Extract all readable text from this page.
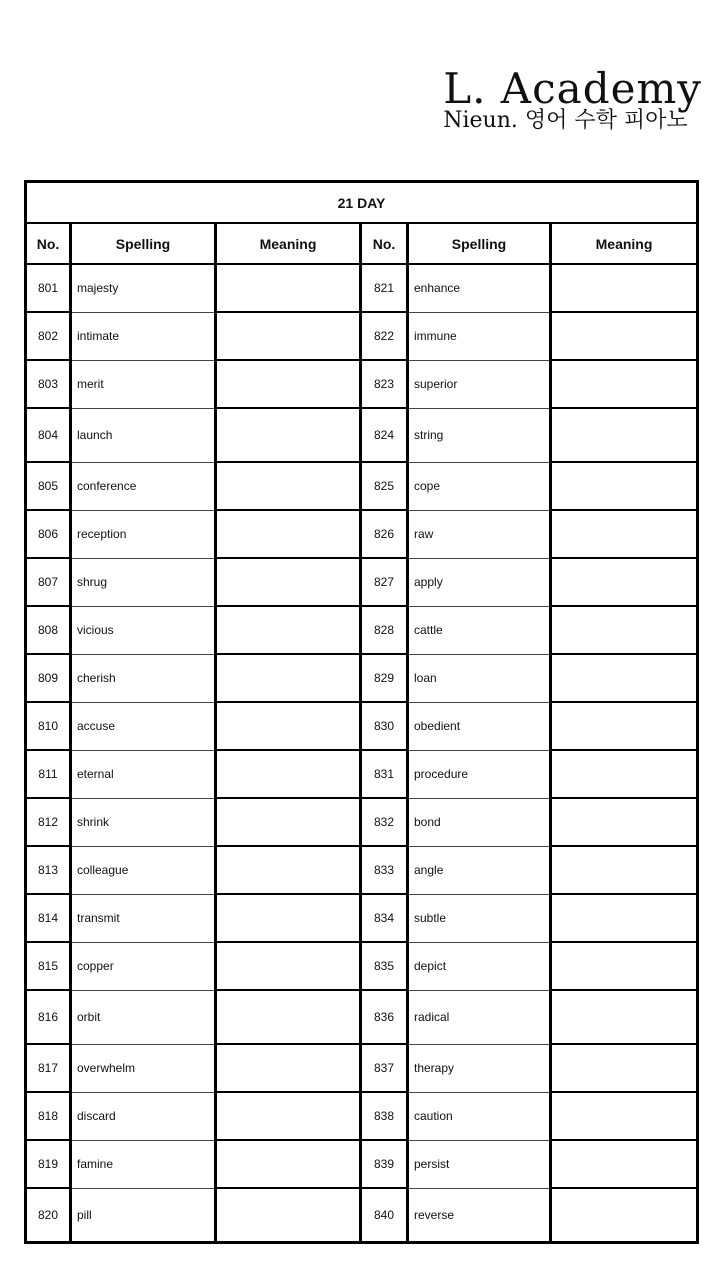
L. Academy
Nieun. 영어 수학 피아노
21 DAY					
No.	Spelling	Meaning	No.	Spelling	Meaning
801	majesty		821	enhance	
802	intimate		822	immune	
803	merit		823	superior	
804	launch		824	string	
805	conference		825	cope	
806	reception		826	raw	
807	shrug		827	apply	
808	vicious		828	cattle	
809	cherish		829	loan	
810	accuse		830	obedient	
811	eternal		831	procedure	
812	shrink		832	bond	
813	colleague		833	angle	
814	transmit		834	subtle	
815	copper		835	depict	
816	orbit		836	radical	
817	overwhelm		837	therapy	
818	discard		838	caution	
819	famine		839	persist	
820	pill		840	reverse	
